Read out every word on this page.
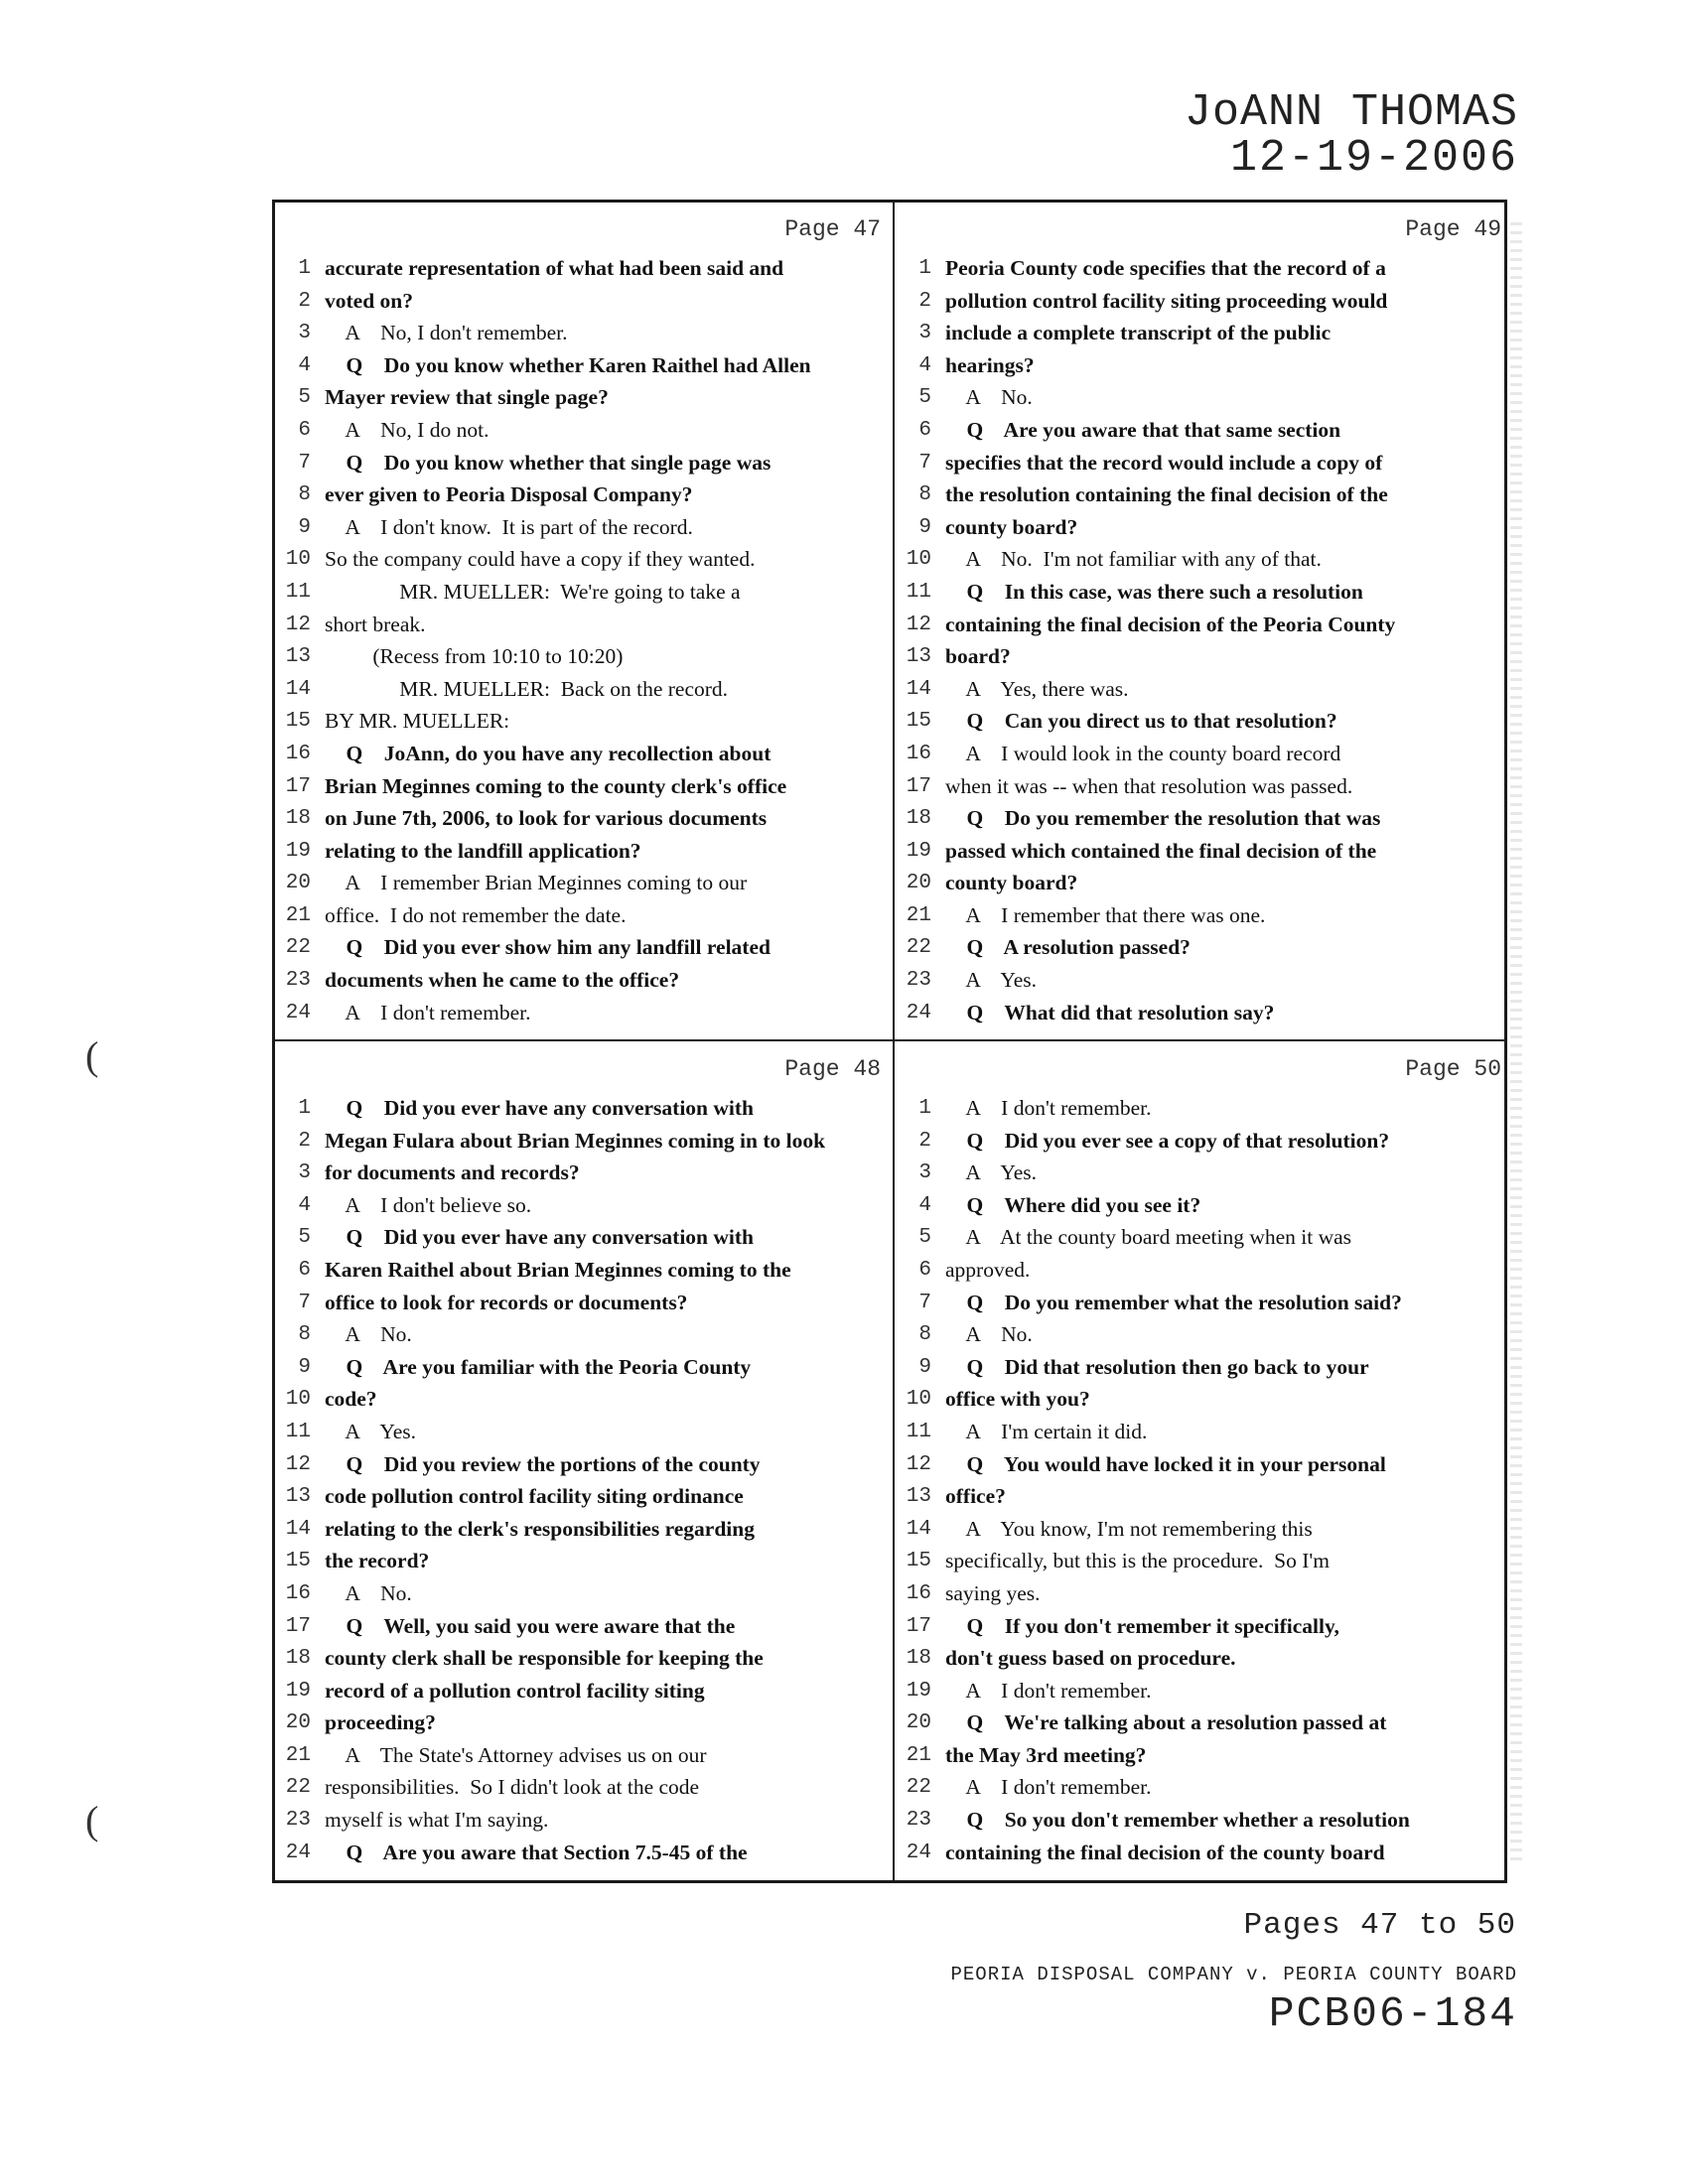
JoANN THOMAS
12-19-2006
(
(
Page 47
1 accurate representation of what had been said and
2 voted on?
3 A    No, I don't remember.
4 Q    Do you know whether Karen Raithel had Allen
5 Mayer review that single page?
6 A    No, I do not.
7 Q    Do you know whether that single page was
8 ever given to Peoria Disposal Company?
9 A    I don't know.  It is part of the record.
10 So the company could have a copy if they wanted.
11 MR. MUELLER:  We're going to take a
12 short break.
13 (Recess from 10:10 to 10:20)
14 MR. MUELLER:  Back on the record.
15 BY MR. MUELLER:
16 Q    JoAnn, do you have any recollection about
17 Brian Meginnes coming to the county clerk's office
18 on June 7th, 2006, to look for various documents
19 relating to the landfill application?
20 A    I remember Brian Meginnes coming to our
21 office.  I do not remember the date.
22 Q    Did you ever show him any landfill related
23 documents when he came to the office?
24 A    I don't remember.
Page 49
1 Peoria County code specifies that the record of a
2 pollution control facility siting proceeding would
3 include a complete transcript of the public
4 hearings?
5 A    No.
6 Q    Are you aware that that same section
7 specifies that the record would include a copy of
8 the resolution containing the final decision of the
9 county board?
10 A    No.  I'm not familiar with any of that.
11 Q    In this case, was there such a resolution
12 containing the final decision of the Peoria County
13 board?
14 A    Yes, there was.
15 Q    Can you direct us to that resolution?
16 A    I would look in the county board record
17 when it was -- when that resolution was passed.
18 Q    Do you remember the resolution that was
19 passed which contained the final decision of the
20 county board?
21 A    I remember that there was one.
22 Q    A resolution passed?
23 A    Yes.
24 Q    What did that resolution say?
Page 48
1 Q    Did you ever have any conversation with
2 Megan Fulara about Brian Meginnes coming in to look
3 for documents and records?
4 A    I don't believe so.
5 Q    Did you ever have any conversation with
6 Karen Raithel about Brian Meginnes coming to the
7 office to look for records or documents?
8 A    No.
9 Q    Are you familiar with the Peoria County
10 code?
11 A    Yes.
12 Q    Did you review the portions of the county
13 code pollution control facility siting ordinance
14 relating to the clerk's responsibilities regarding
15 the record?
16 A    No.
17 Q    Well, you said you were aware that the
18 county clerk shall be responsible for keeping the
19 record of a pollution control facility siting
20 proceeding?
21 A    The State's Attorney advises us on our
22 responsibilities.  So I didn't look at the code
23 myself is what I'm saying.
24 Q    Are you aware that Section 7.5-45 of the
Page 50
1 A    I don't remember.
2 Q    Did you ever see a copy of that resolution?
3 A    Yes.
4 Q    Where did you see it?
5 A    At the county board meeting when it was
6 approved.
7 Q    Do you remember what the resolution said?
8 A    No.
9 Q    Did that resolution then go back to your
10 office with you?
11 A    I'm certain it did.
12 Q    You would have locked it in your personal
13 office?
14 A    You know, I'm not remembering this
15 specifically, but this is the procedure.  So I'm
16 saying yes.
17 Q    If you don't remember it specifically,
18 don't guess based on procedure.
19 A    I don't remember.
20 Q    We're talking about a resolution passed at
21 the May 3rd meeting?
22 A    I don't remember.
23 Q    So you don't remember whether a resolution
24 containing the final decision of the county board
Pages 47 to 50
PEORIA DISPOSAL COMPANY v. PEORIA COUNTY BOARD
PCB06-184
